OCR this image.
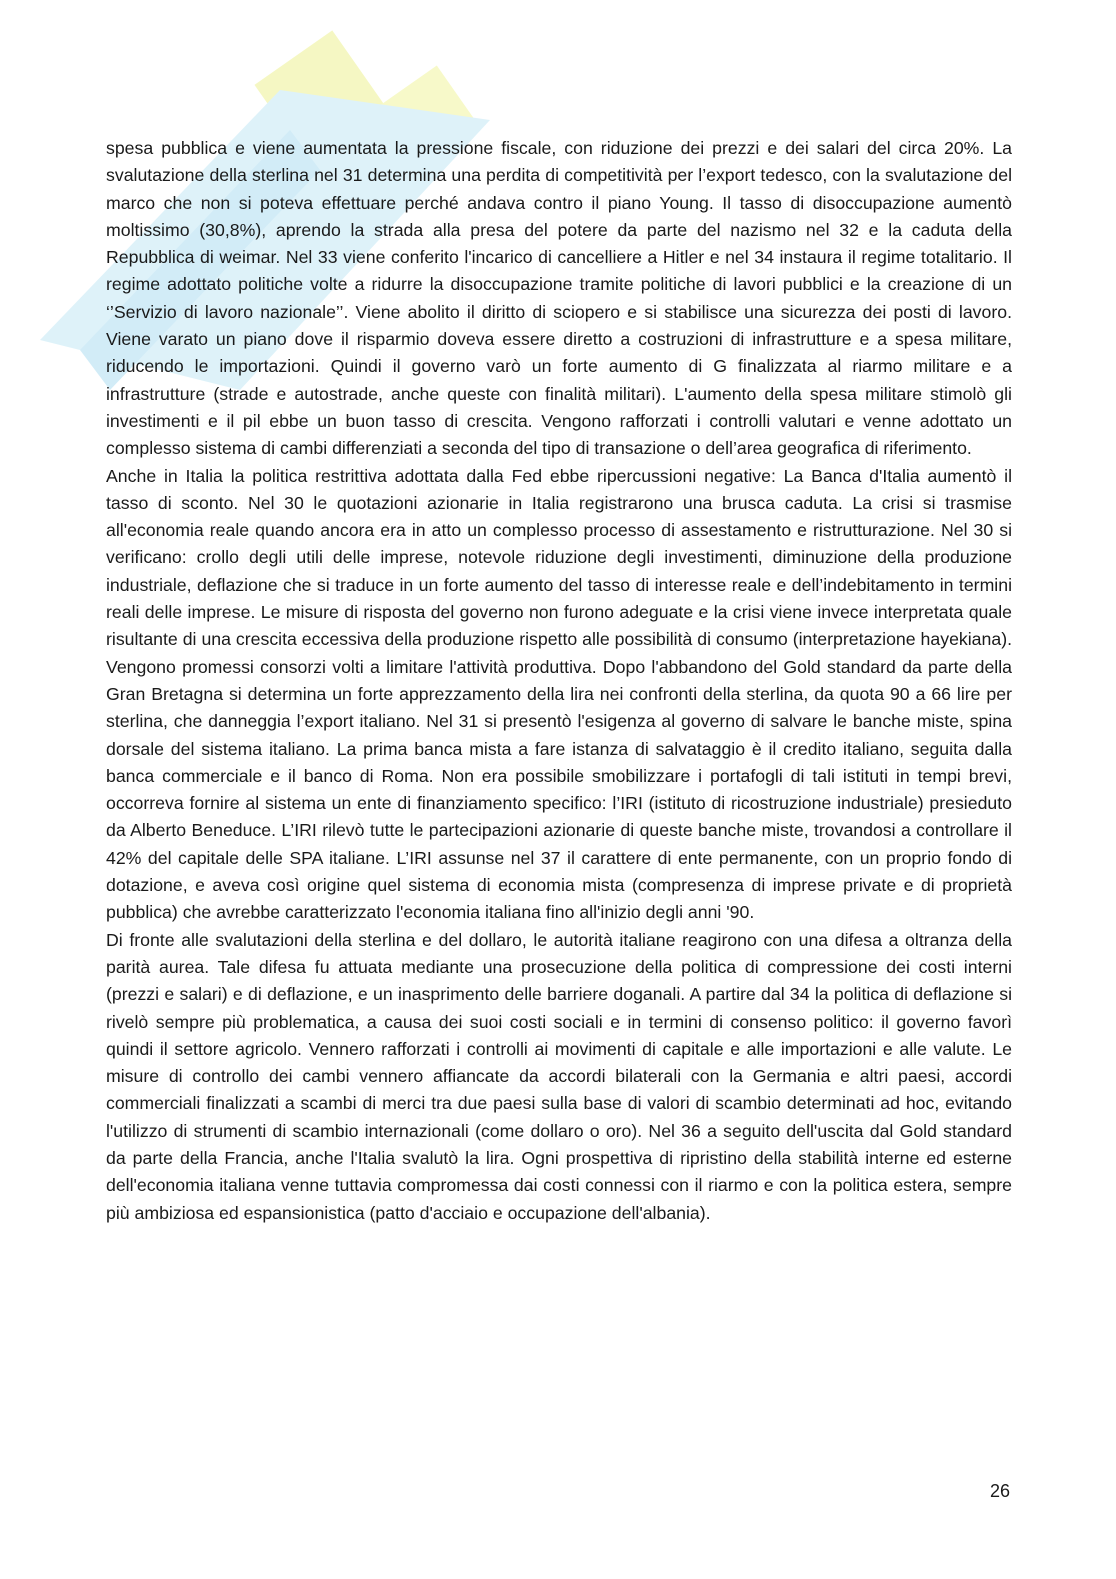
spesa pubblica e viene aumentata la pressione fiscale, con riduzione dei prezzi e dei salari del circa 20%. La svalutazione della sterlina nel 31 determina una perdita di competitività per l’export tedesco, con la svalutazione del marco che non si poteva effettuare perché andava contro il piano Young. Il tasso di disoccupazione aumentò moltissimo (30,8%), aprendo la strada alla presa del potere da parte del nazismo nel 32 e la caduta della Repubblica di weimar. Nel 33 viene conferito l'incarico di cancelliere a Hitler e nel 34 instaura il regime totalitario. Il regime adottato politiche volte a ridurre la disoccupazione tramite politiche di lavori pubblici e la creazione di un ‘’Servizio di lavoro nazionale’’. Viene abolito il diritto di sciopero e si stabilisce una sicurezza dei posti di lavoro. Viene varato un piano dove il risparmio doveva essere diretto a costruzioni di infrastrutture e a spesa militare, riducendo le importazioni. Quindi il governo varò un forte aumento di G finalizzata al riarmo militare e a infrastrutture (strade e autostrade, anche queste con finalità militari). L'aumento della spesa militare stimolò gli investimenti e il pil ebbe un buon tasso di crescita. Vengono rafforzati i controlli valutari e venne adottato un complesso sistema di cambi differenziati a seconda del tipo di transazione o dell’area geografica di riferimento.

Anche in Italia la politica restrittiva adottata dalla Fed ebbe ripercussioni negative: La Banca d'Italia aumentò il tasso di sconto. Nel 30 le quotazioni azionarie in Italia registrarono una brusca caduta. La crisi si trasmise all'economia reale quando ancora era in atto un complesso processo di assestamento e ristrutturazione. Nel 30 si verificano: crollo degli utili delle imprese, notevole riduzione degli investimenti, diminuzione della produzione industriale, deflazione che si traduce in un forte aumento del tasso di interesse reale e dell’indebitamento in termini reali delle imprese. Le misure di risposta del governo non furono adeguate e la crisi viene invece interpretata quale risultante di una crescita eccessiva della produzione rispetto alle possibilità di consumo (interpretazione hayekiana). Vengono promessi consorzi volti a limitare l'attività produttiva. Dopo l'abbandono del Gold standard da parte della Gran Bretagna si determina un forte apprezzamento della lira nei confronti della sterlina, da quota 90 a 66 lire per sterlina, che danneggia l’export italiano. Nel 31 si presentò l'esigenza al governo di salvare le banche miste, spina dorsale del sistema italiano. La prima banca mista a fare istanza di salvataggio è il credito italiano, seguita dalla banca commerciale e il banco di Roma. Non era possibile smobilizzare i portafogli di tali istituti in tempi brevi, occorreva fornire al sistema un ente di finanziamento specifico: l’IRI (istituto di ricostruzione industriale) presieduto da Alberto Beneduce. L’IRI rilevò tutte le partecipazioni azionarie di queste banche miste, trovandosi a controllare il 42% del capitale delle SPA italiane. L’IRI assunse nel 37 il carattere di ente permanente, con un proprio fondo di dotazione, e aveva così origine quel sistema di economia mista (compresenza di imprese private e di proprietà pubblica) che avrebbe caratterizzato l'economia italiana fino all'inizio degli anni '90.

Di fronte alle svalutazioni della sterlina e del dollaro, le autorità italiane reagirono con una difesa a oltranza della parità aurea. Tale difesa fu attuata mediante una prosecuzione della politica di compressione dei costi interni (prezzi e salari) e di deflazione, e un inasprimento delle barriere doganali. A partire dal 34 la politica di deflazione si rivelò sempre più problematica, a causa dei suoi costi sociali e in termini di consenso politico: il governo favorì quindi il settore agricolo. Vennero rafforzati i controlli ai movimenti di capitale e alle importazioni e alle valute. Le misure di controllo dei cambi vennero affiancate da accordi bilaterali con la Germania e altri paesi, accordi commerciali finalizzati a scambi di merci tra due paesi sulla base di valori di scambio determinati ad hoc, evitando l'utilizzo di strumenti di scambio internazionali (come dollaro o oro). Nel 36 a seguito dell'uscita dal Gold standard da parte della Francia, anche l'Italia svalutò la lira. Ogni prospettiva di ripristino della stabilità interne ed esterne dell'economia italiana venne tuttavia compromessa dai costi connessi con il riarmo e con la politica estera, sempre più ambiziosa ed espansionistica (patto d'acciaio e occupazione dell'albania).

26
